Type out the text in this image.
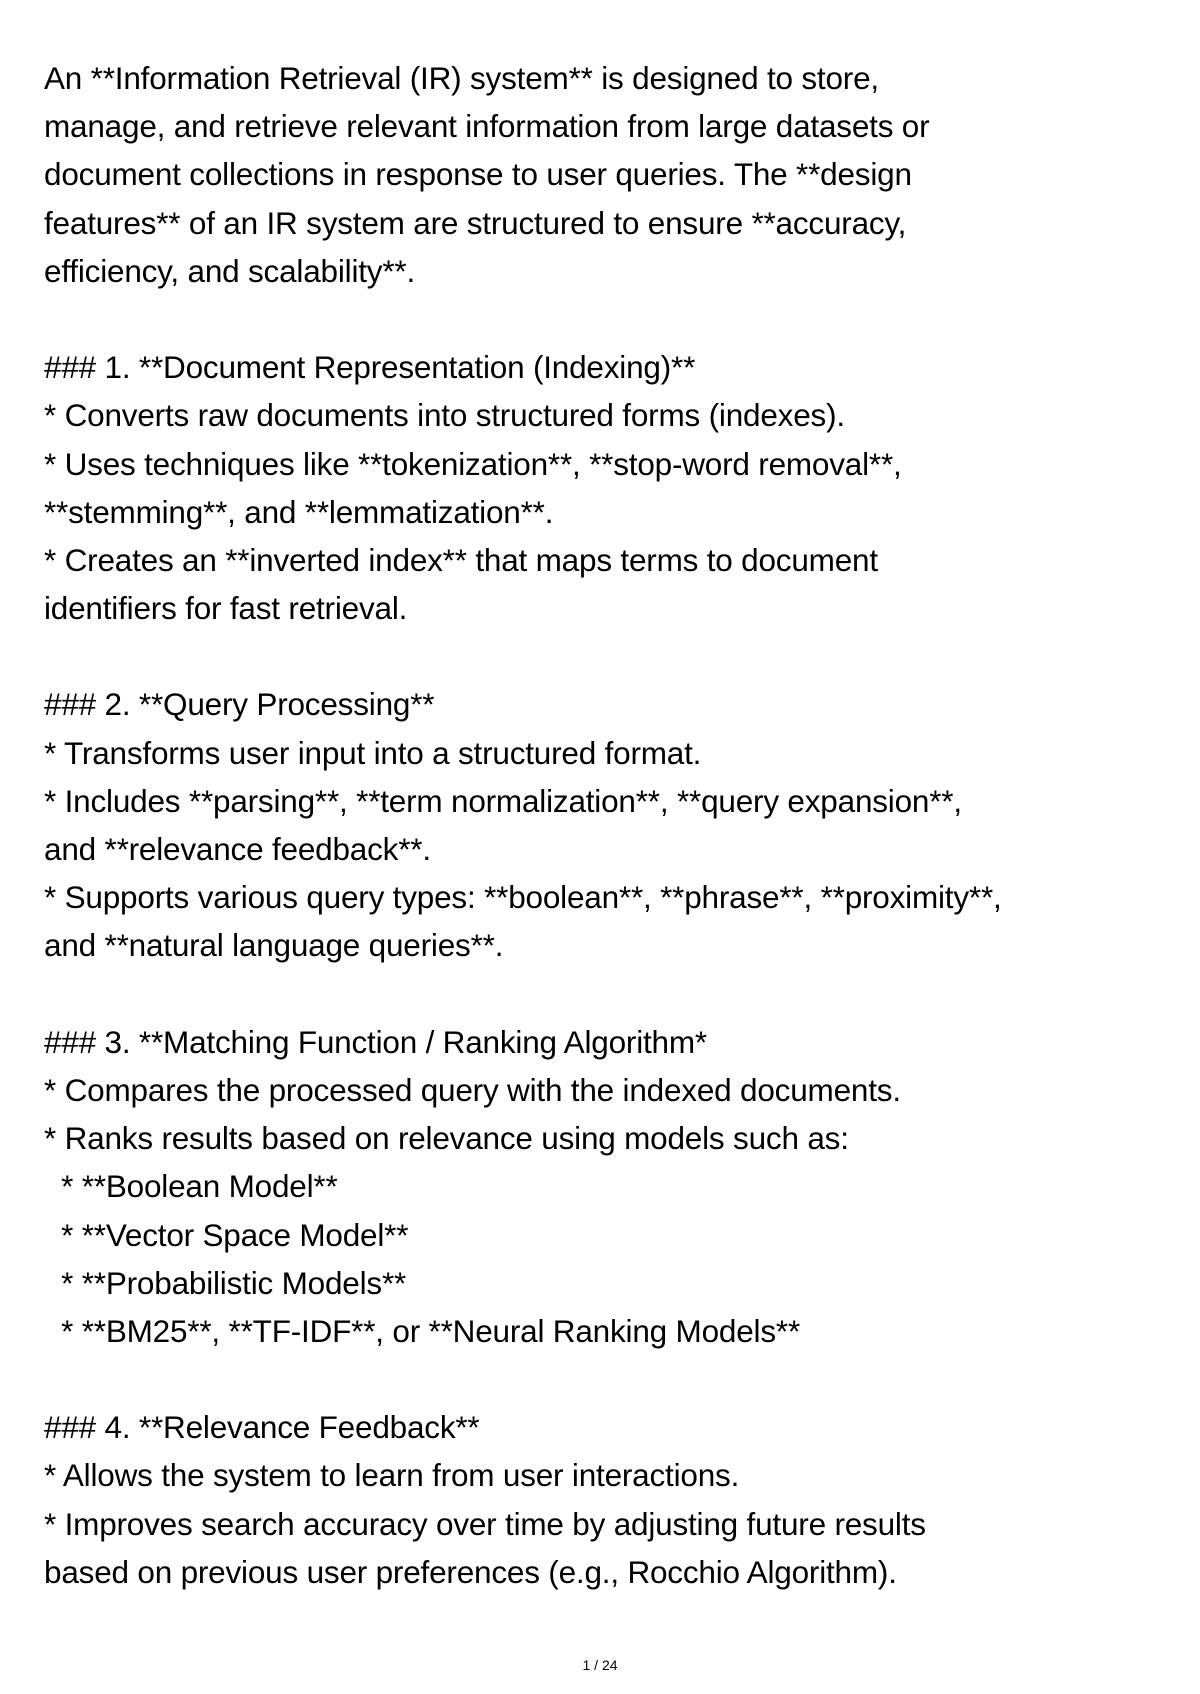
An **Information Retrieval (IR) system** is designed to store,
manage, and retrieve relevant information from large datasets or
document collections in response to user queries. The **design
features** of an IR system are structured to ensure **accuracy,
efficiency, and scalability**.
### 1. **Document Representation (Indexing)**
* Converts raw documents into structured forms (indexes).
* Uses techniques like **tokenization**, **stop-word removal**,
**stemming**, and **lemmatization**.
* Creates an **inverted index** that maps terms to document
identifiers for fast retrieval.
### 2. **Query Processing**
* Transforms user input into a structured format.
* Includes **parsing**, **term normalization**, **query expansion**,
and **relevance feedback**.
* Supports various query types: **boolean**, **phrase**, **proximity**,
and **natural language queries**.
### 3. **Matching Function / Ranking Algorithm*
* Compares the processed query with the indexed documents.
* Ranks results based on relevance using models such as:
* **Boolean Model**
* **Vector Space Model**
* **Probabilistic Models**
* **BM25**, **TF-IDF**, or **Neural Ranking Models**
### 4. **Relevance Feedback**
* Allows the system to learn from user interactions.
* Improves search accuracy over time by adjusting future results
based on previous user preferences (e.g., Rocchio Algorithm).
1 / 24
